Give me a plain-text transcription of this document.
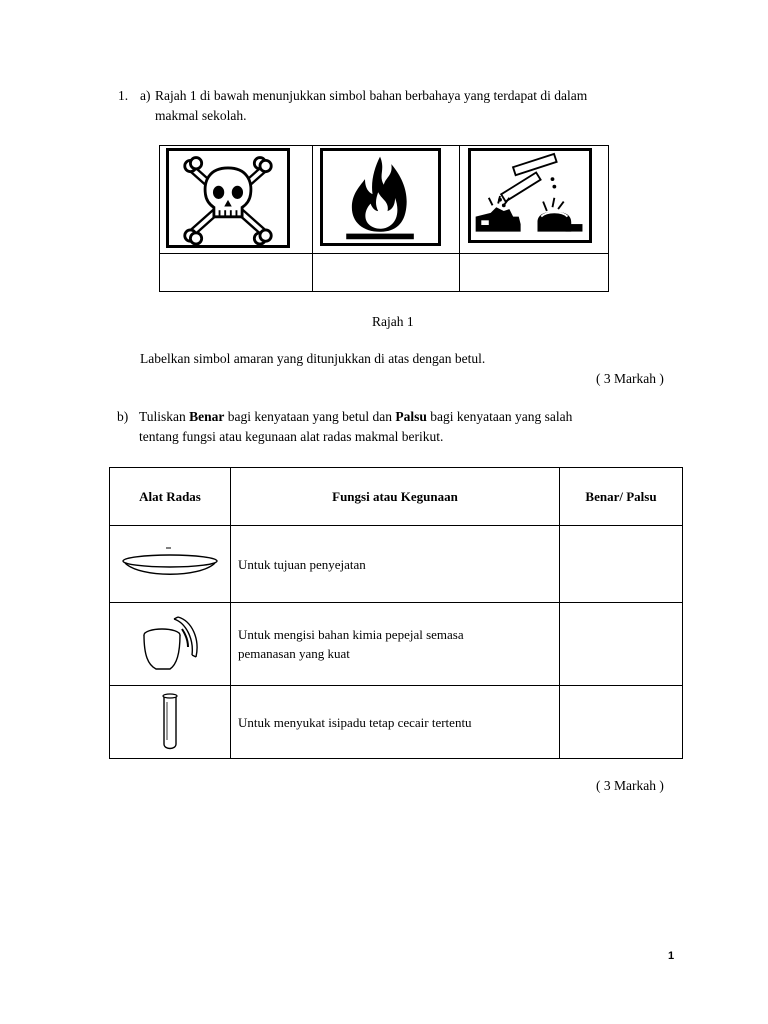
1. a) Rajah 1 di bawah menunjukkan simbol bahan berbahaya yang terdapat di dalam
makmal sekolah.
Rajah 1
Labelkan simbol amaran yang ditunjukkan di atas dengan betul.
( 3 Markah )
b) Tuliskan Benar bagi kenyataan yang betul dan Palsu bagi kenyataan yang salah
tentang fungsi atau kegunaan alat radas makmal berikut.
Alat Radas	Fungsi atau Kegunaan	Benar/ Palsu

	Untuk tujuan penyejatan	

	Untuk mengisi bahan kimia pepejal semasa
pemanasan yang kuat	

	Untuk menyukat isipadu tetap cecair tertentu	
( 3 Markah )
1
